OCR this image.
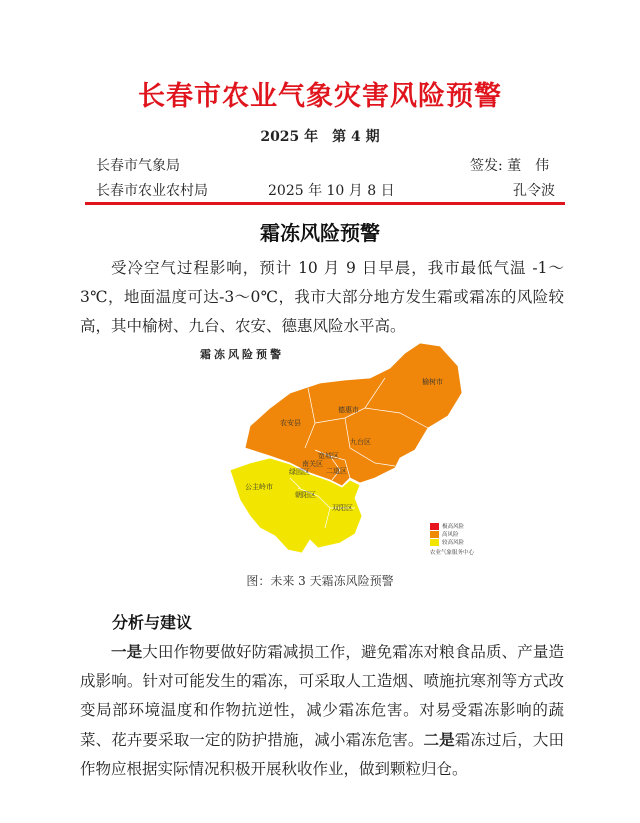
长春市农业气象灾害风险预警
2025 年 第 4 期
长春市气象局	签发: 董　伟
长春市农业农村局	2025 年 10 月 8 日	孔令波
霜冻风险预警
受冷空气过程影响，预计 10 月 9 日早晨，我市最低气温 -1～3℃，地面温度可达-3～0℃，我市大部分地方发生霜或霜冻的风险较高，其中榆树、九台、农安、德惠风险水平高。
霜冻风险预警
榆树市
德惠市
农安县
九台区
宽城区
二道区
绿园区
南关区
公主岭市
朝阳区
双阳区
极高风险
高风险
较高风险
农业气象服务中心
图：未来 3 天霜冻风险预警
分析与建议
一是大田作物要做好防霜减损工作，避免霜冻对粮食品质、产量造成影响。针对可能发生的霜冻，可采取人工造烟、喷施抗寒剂等方式改变局部环境温度和作物抗逆性，减少霜冻危害。对易受霜冻影响的蔬菜、花卉要采取一定的防护措施，减小霜冻危害。二是霜冻过后，大田作物应根据实际情况积极开展秋收作业，做到颗粒归仓。
